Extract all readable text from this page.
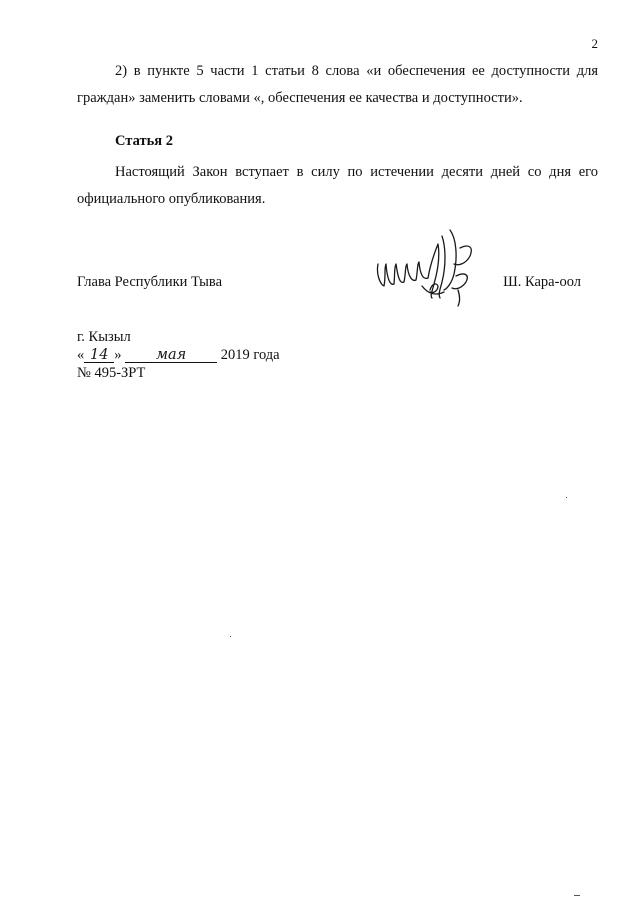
2

2) в пункте 5 части 1 статьи 8 слова «и обеспечения ее доступности для граждан» заменить словами «, обеспечения ее качества и доступности».

Статья 2

Настоящий Закон вступает в силу по истечении десяти дней со дня его официального опубликования.

Глава Республики Тыва	Ш. Кара-оол
г. Кызыл
« 14 » мая 2019 года
№ 495-ЗРТ
